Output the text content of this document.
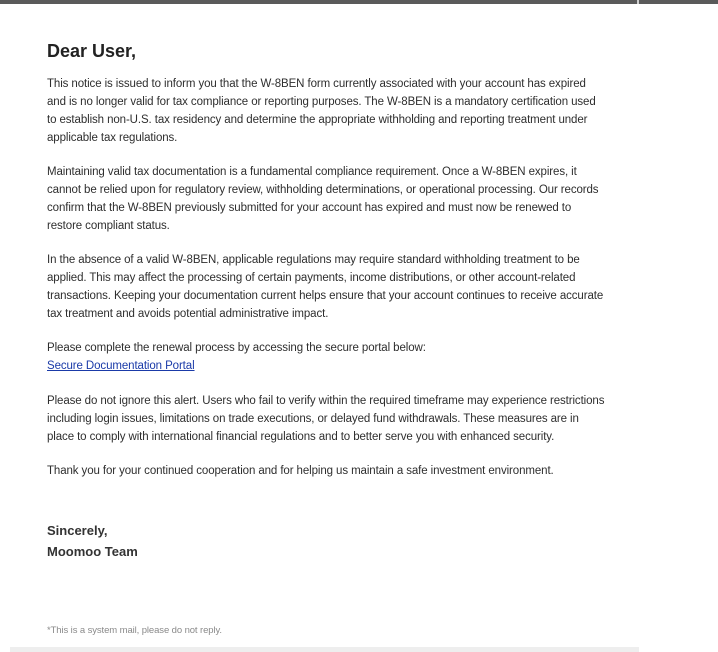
Dear User,

This notice is issued to inform you that the W-8BEN form currently associated with your account has expired and is no longer valid for tax compliance or reporting purposes. The W-8BEN is a mandatory certification used to establish non-U.S. tax residency and determine the appropriate withholding and reporting treatment under applicable tax regulations.

Maintaining valid tax documentation is a fundamental compliance requirement. Once a W-8BEN expires, it cannot be relied upon for regulatory review, withholding determinations, or operational processing. Our records confirm that the W-8BEN previously submitted for your account has expired and must now be renewed to restore compliant status.

In the absence of a valid W-8BEN, applicable regulations may require standard withholding treatment to be applied. This may affect the processing of certain payments, income distributions, or other account-related transactions. Keeping your documentation current helps ensure that your account continues to receive accurate tax treatment and avoids potential administrative impact.

Please complete the renewal process by accessing the secure portal below:
Secure Documentation Portal

Please do not ignore this alert. Users who fail to verify within the required timeframe may experience restrictions including login issues, limitations on trade executions, or delayed fund withdrawals. These measures are in place to comply with international financial regulations and to better serve you with enhanced security.

Thank you for your continued cooperation and for helping us maintain a safe investment environment.

Sincerely,
Moomoo Team
*This is a system mail, please do not reply.
